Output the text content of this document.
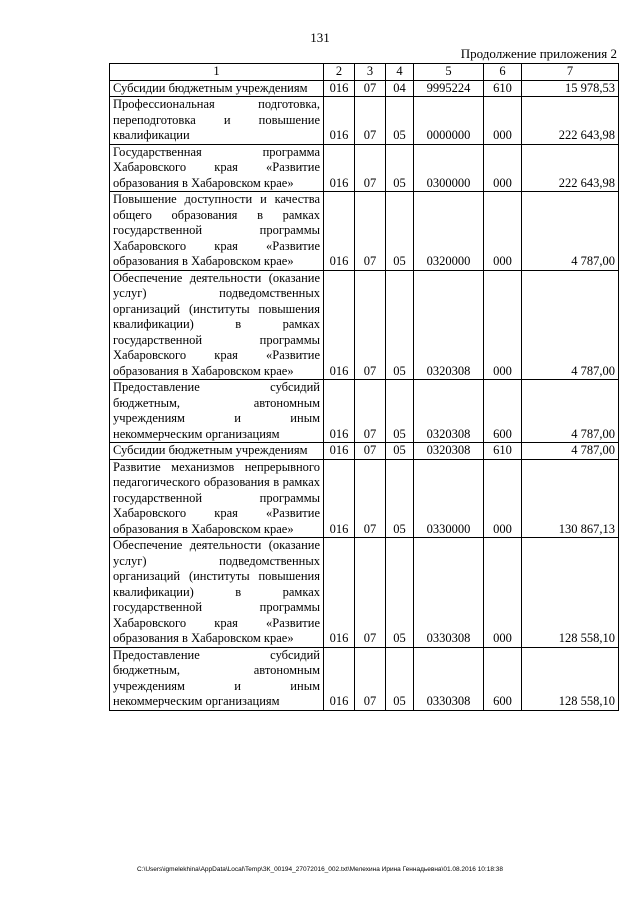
131
Продолжение приложения 2
1	2	3	4	5	6	7
Субсидии бюджетным учреждениям	016	07	04	9995224	610	15 978,53
Профессиональная подготовка, переподготовка и повышение квалификации	016	07	05	0000000	000	222 643,98
Государственная программа Хабаровского края «Развитие образования в Хабаровском крае»	016	07	05	0300000	000	222 643,98
Повышение доступности и качества общего образования в рамках государственной программы Хабаровского края «Развитие образования в Хабаровском крае»	016	07	05	0320000	000	4 787,00
Обеспечение деятельности (оказание услуг) подведомственных организаций (институты повышения квалификации) в рамках государственной программы Хабаровского края «Развитие образования в Хабаровском крае»	016	07	05	0320308	000	4 787,00
Предоставление субсидий бюджетным, автономным учреждениям и иным некоммерческим организациям	016	07	05	0320308	600	4 787,00
Субсидии бюджетным учреждениям	016	07	05	0320308	610	4 787,00
Развитие механизмов непрерывного педагогического образования в рамках государственной программы Хабаровского края «Развитие образования в Хабаровском крае»	016	07	05	0330000	000	130 867,13
Обеспечение деятельности (оказание услуг) подведомственных организаций (институты повышения квалификации) в рамках государственной программы Хабаровского края «Развитие образования в Хабаровском крае»	016	07	05	0330308	000	128 558,10
Предоставление субсидий бюджетным, автономным учреждениям и иным некоммерческим организациям	016	07	05	0330308	600	128 558,10
C:\Users\igmelekhina\AppData\Local\Temp\ЗК_00194_27072016_002.txt\Мелехина Ирина Геннадьевна\01.08.2016 10:18:38
